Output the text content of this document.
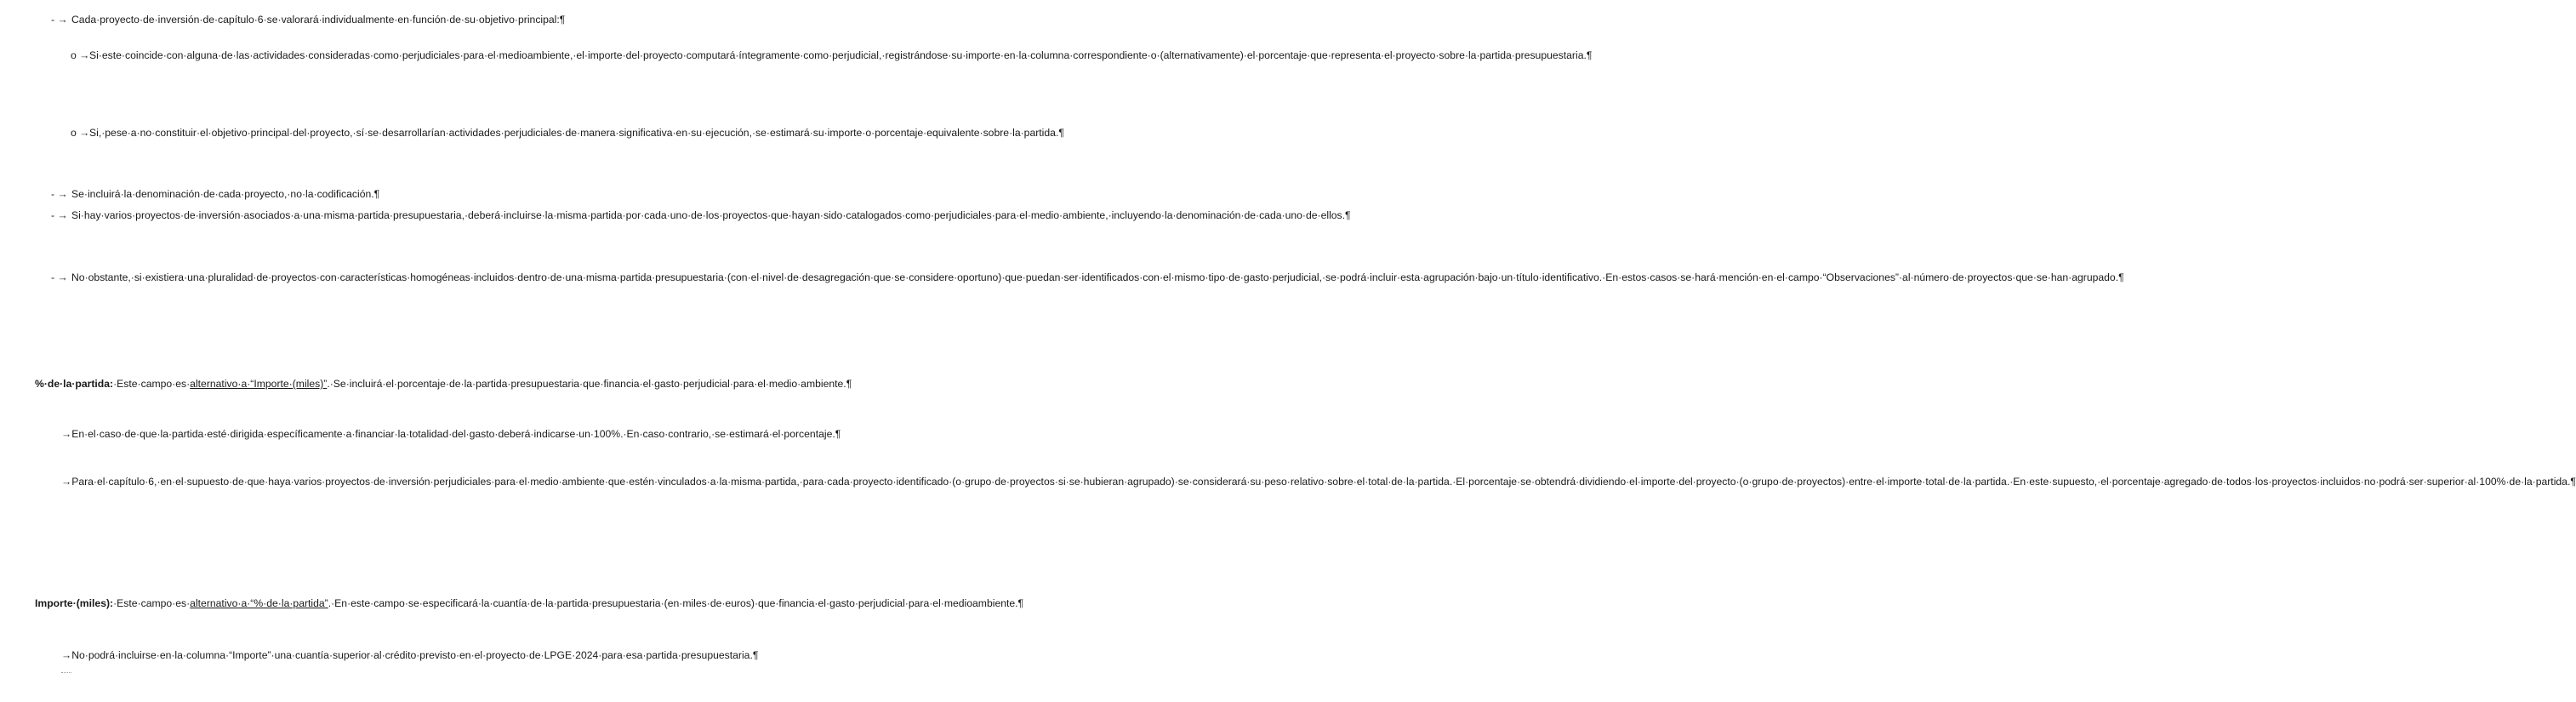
- → Cada·proyecto·de·inversión·de·capítulo·6·se·valorará·individualmente·en·función·de·su·objetivo·principal:¶
o → Si·este·coincide·con·alguna·de·las·actividades·consideradas·como·perjudiciales·para·el·medioambiente,·el·importe·del·proyecto·computará·íntegramente·como·perjudicial,·registrándose·su·importe·en·la·columna·correspondiente·o·(alternativamente)·el·porcentaje·que·representa·el·proyecto·sobre·la·partida·presupuestaria.¶
o → Si,·pese·a·no·constituir·el·objetivo·principal·del·proyecto,·sí·se·desarrollarían·actividades·perjudiciales·de·manera·significativa·en·su·ejecución,·se·estimará·su·importe·o·porcentaje·equivalente·sobre·la·partida.¶
- → Se·incluirá·la·denominación·de·cada·proyecto,·no·la·codificación.¶
- → Si·hay·varios·proyectos·de·inversión·asociados·a·una·misma·partida·presupuestaria,·deberá·incluirse·la·misma·partida·por·cada·uno·de·los·proyectos·que·hayan·sido·catalogados·como·perjudiciales·para·el·medio·ambiente,·incluyendo·la·denominación·de·cada·uno·de·ellos.¶
- → No·obstante,·si·existiera·una·pluralidad·de·proyectos·con·características·homogéneas·incluidos·dentro·de·una·misma·partida·presupuestaria·(con·el·nivel·de·desagregación·que·se·considere·oportuno)·que·puedan·ser·identificados·con·el·mismo·tipo·de·gasto·perjudicial,·se·podrá·incluir·esta·agrupación·bajo·un·título·identificativo.·En·estos·casos·se·hará·mención·en·el·campo·“Observaciones”·al·número·de·proyectos·que·se·han·agrupado.¶
%·de·la·partida:·Este·campo·es·alternativo·a·“Importe·(miles)”.·Se·incluirá·el·porcentaje·de·la·partida·presupuestaria·que·financia·el·gasto·perjudicial·para·el·medio·ambiente.¶
→En·el·caso·de·que·la·partida·esté·dirigida·específicamente·a·financiar·la·totalidad·del·gasto·deberá·indicarse·un·100%.·En·caso·contrario,·se·estimará·el·porcentaje.¶
→Para·el·capítulo·6,·en·el·supuesto·de·que·haya·varios·proyectos·de·inversión·perjudiciales·para·el·medio·ambiente·que·estén·vinculados·a·la·misma·partida,·para·cada·proyecto·identificado·(o·grupo·de·proyectos·si·se·hubieran·agrupado)·se·considerará·su·peso·relativo·sobre·el·total·de·la·partida.·El·porcentaje·se·obtendrá·dividiendo·el·importe·del·proyecto·(o·grupo·de·proyectos)·entre·el·importe·total·de·la·partida.·En·este·supuesto,·el·porcentaje·agregado·de·todos·los·proyectos·incluidos·no·podrá·ser·superior·al·100%·de·la·partida.¶
Importe·(miles):·Este·campo·es·alternativo·a·“%·de·la·partida”.·En·este·campo·se·especificará·la·cuantía·de·la·partida·presupuestaria·(en·miles·de·euros)·que·financia·el·gasto·perjudicial·para·el·medioambiente.¶
→No·podrá·incluirse·en·la·columna·“Importe”·una·cuantía·superior·al·crédito·previsto·en·el·proyecto·de·LPGE·2024·para·esa·partida·presupuestaria.¶
